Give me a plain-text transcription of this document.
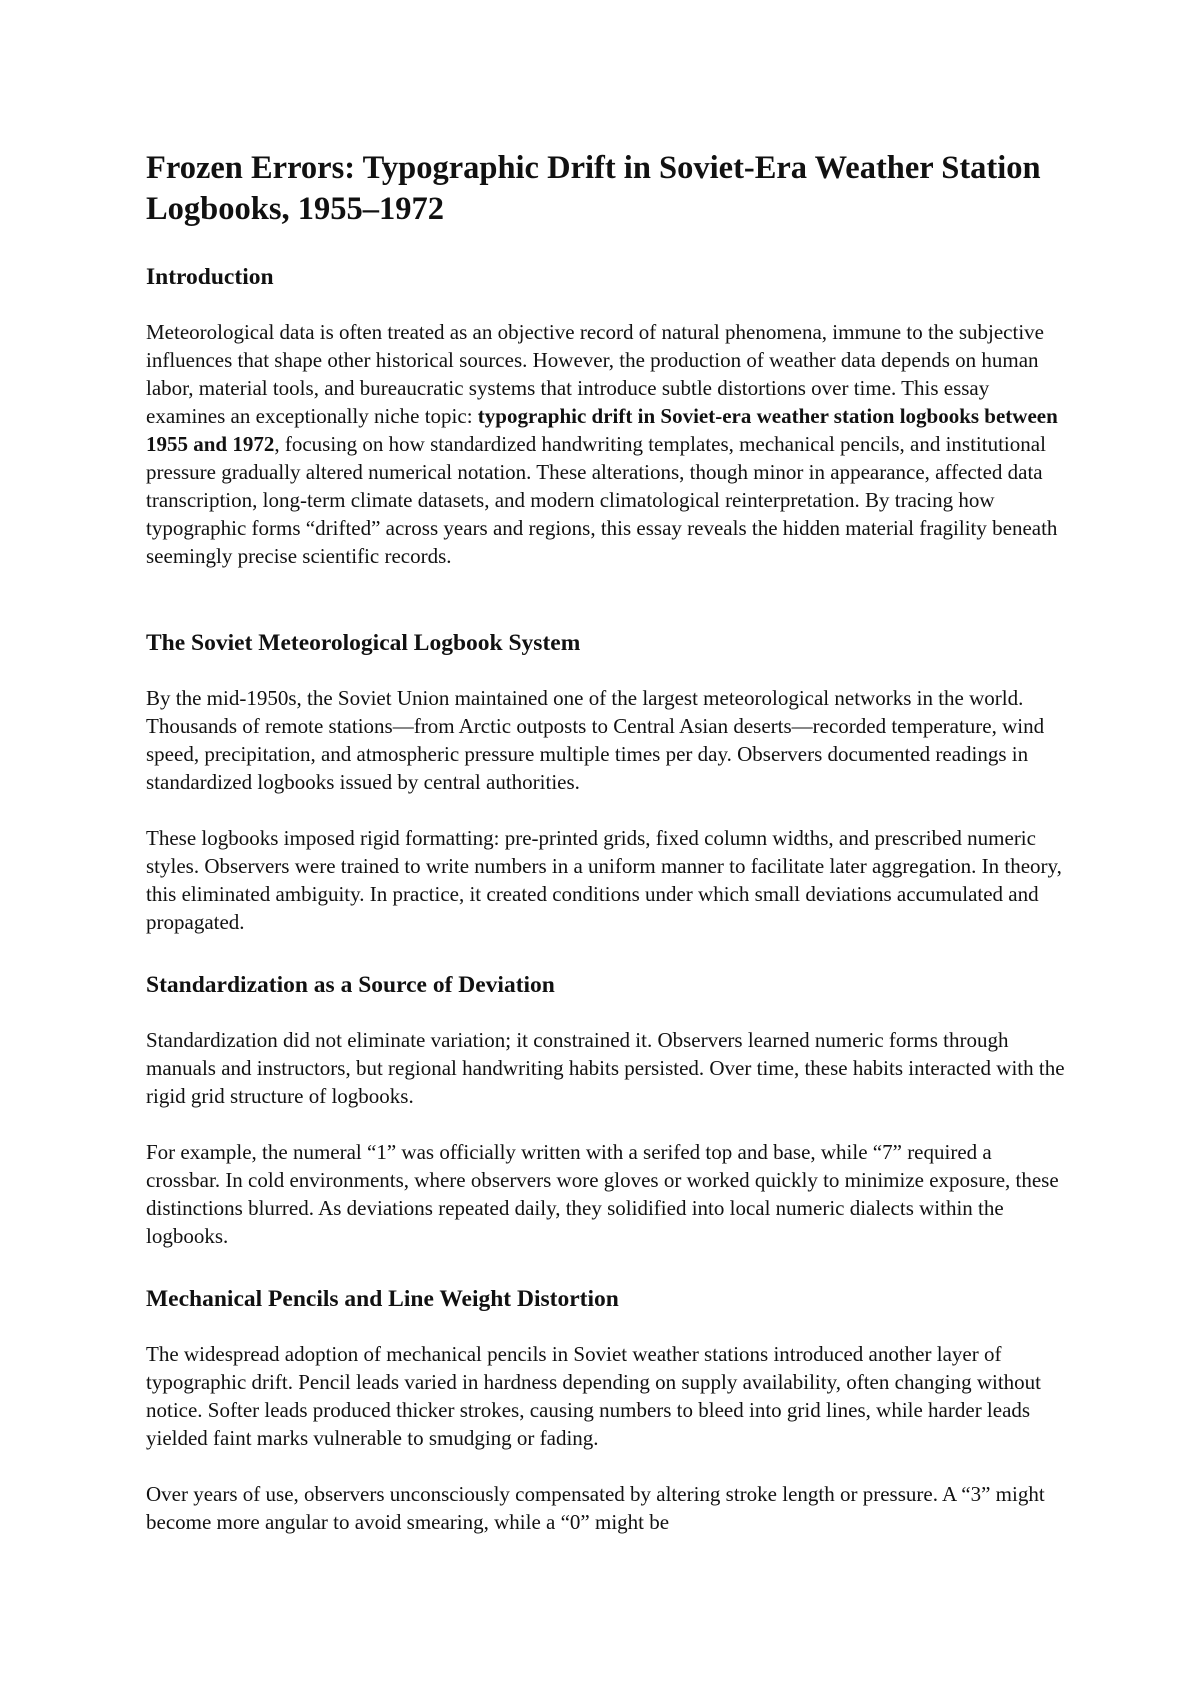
Frozen Errors: Typographic Drift in Soviet-Era Weather Station Logbooks, 1955–1972
Introduction

Meteorological data is often treated as an objective record of natural phenomena, immune to the subjective influences that shape other historical sources. However, the production of weather data depends on human labor, material tools, and bureaucratic systems that introduce subtle distortions over time. This essay examines an exceptionally niche topic: typographic drift in Soviet-era weather station logbooks between 1955 and 1972, focusing on how standardized handwriting templates, mechanical pencils, and institutional pressure gradually altered numerical notation. These alterations, though minor in appearance, affected data transcription, long-term climate datasets, and modern climatological reinterpretation. By tracing how typographic forms “drifted” across years and regions, this essay reveals the hidden material fragility beneath seemingly precise scientific records.

The Soviet Meteorological Logbook System

By the mid-1950s, the Soviet Union maintained one of the largest meteorological networks in the world. Thousands of remote stations—from Arctic outposts to Central Asian deserts—recorded temperature, wind speed, precipitation, and atmospheric pressure multiple times per day. Observers documented readings in standardized logbooks issued by central authorities.

These logbooks imposed rigid formatting: pre-printed grids, fixed column widths, and prescribed numeric styles. Observers were trained to write numbers in a uniform manner to facilitate later aggregation. In theory, this eliminated ambiguity. In practice, it created conditions under which small deviations accumulated and propagated.

Standardization as a Source of Deviation

Standardization did not eliminate variation; it constrained it. Observers learned numeric forms through manuals and instructors, but regional handwriting habits persisted. Over time, these habits interacted with the rigid grid structure of logbooks.

For example, the numeral “1” was officially written with a serifed top and base, while “7” required a crossbar. In cold environments, where observers wore gloves or worked quickly to minimize exposure, these distinctions blurred. As deviations repeated daily, they solidified into local numeric dialects within the logbooks.

Mechanical Pencils and Line Weight Distortion

The widespread adoption of mechanical pencils in Soviet weather stations introduced another layer of typographic drift. Pencil leads varied in hardness depending on supply availability, often changing without notice. Softer leads produced thicker strokes, causing numbers to bleed into grid lines, while harder leads yielded faint marks vulnerable to smudging or fading.

Over years of use, observers unconsciously compensated by altering stroke length or pressure. A “3” might become more angular to avoid smearing, while a “0” might be
